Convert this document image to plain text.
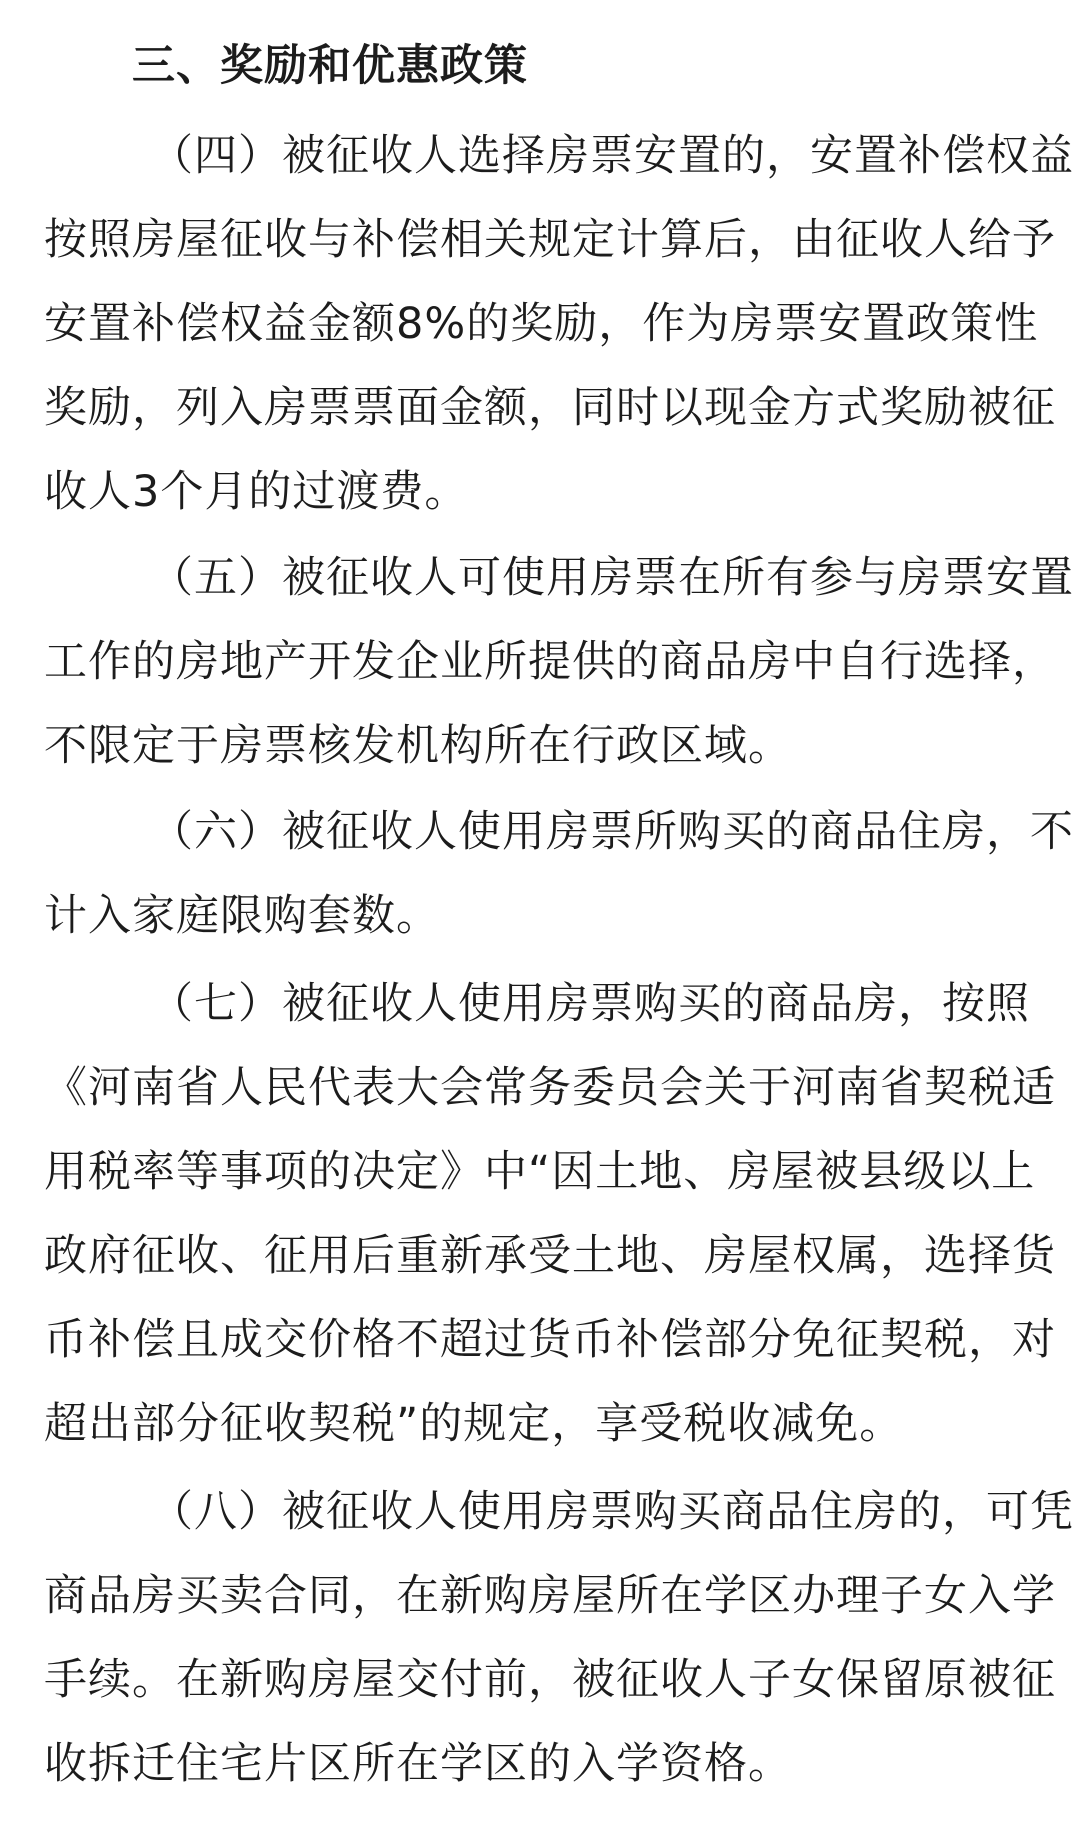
三、奖励和优惠政策
（四）被征收人选择房票安置的，安置补偿权益
按照房屋征收与补偿相关规定计算后，由征收人给予
安置补偿权益金额8%的奖励，作为房票安置政策性
奖励，列入房票票面金额，同时以现金方式奖励被征
收人3个月的过渡费。
（五）被征收人可使用房票在所有参与房票安置
工作的房地产开发企业所提供的商品房中自行选择，
不限定于房票核发机构所在行政区域。
（六）被征收人使用房票所购买的商品住房，不
计入家庭限购套数。
（七）被征收人使用房票购买的商品房，按照
《河南省人民代表大会常务委员会关于河南省契税适
用税率等事项的决定》中“因土地、房屋被县级以上
政府征收、征用后重新承受土地、房屋权属，选择货
币补偿且成交价格不超过货币补偿部分免征契税，对
超出部分征收契税”的规定，享受税收减免。
（八）被征收人使用房票购买商品住房的，可凭
商品房买卖合同，在新购房屋所在学区办理子女入学
手续。在新购房屋交付前，被征收人子女保留原被征
收拆迁住宅片区所在学区的入学资格。
